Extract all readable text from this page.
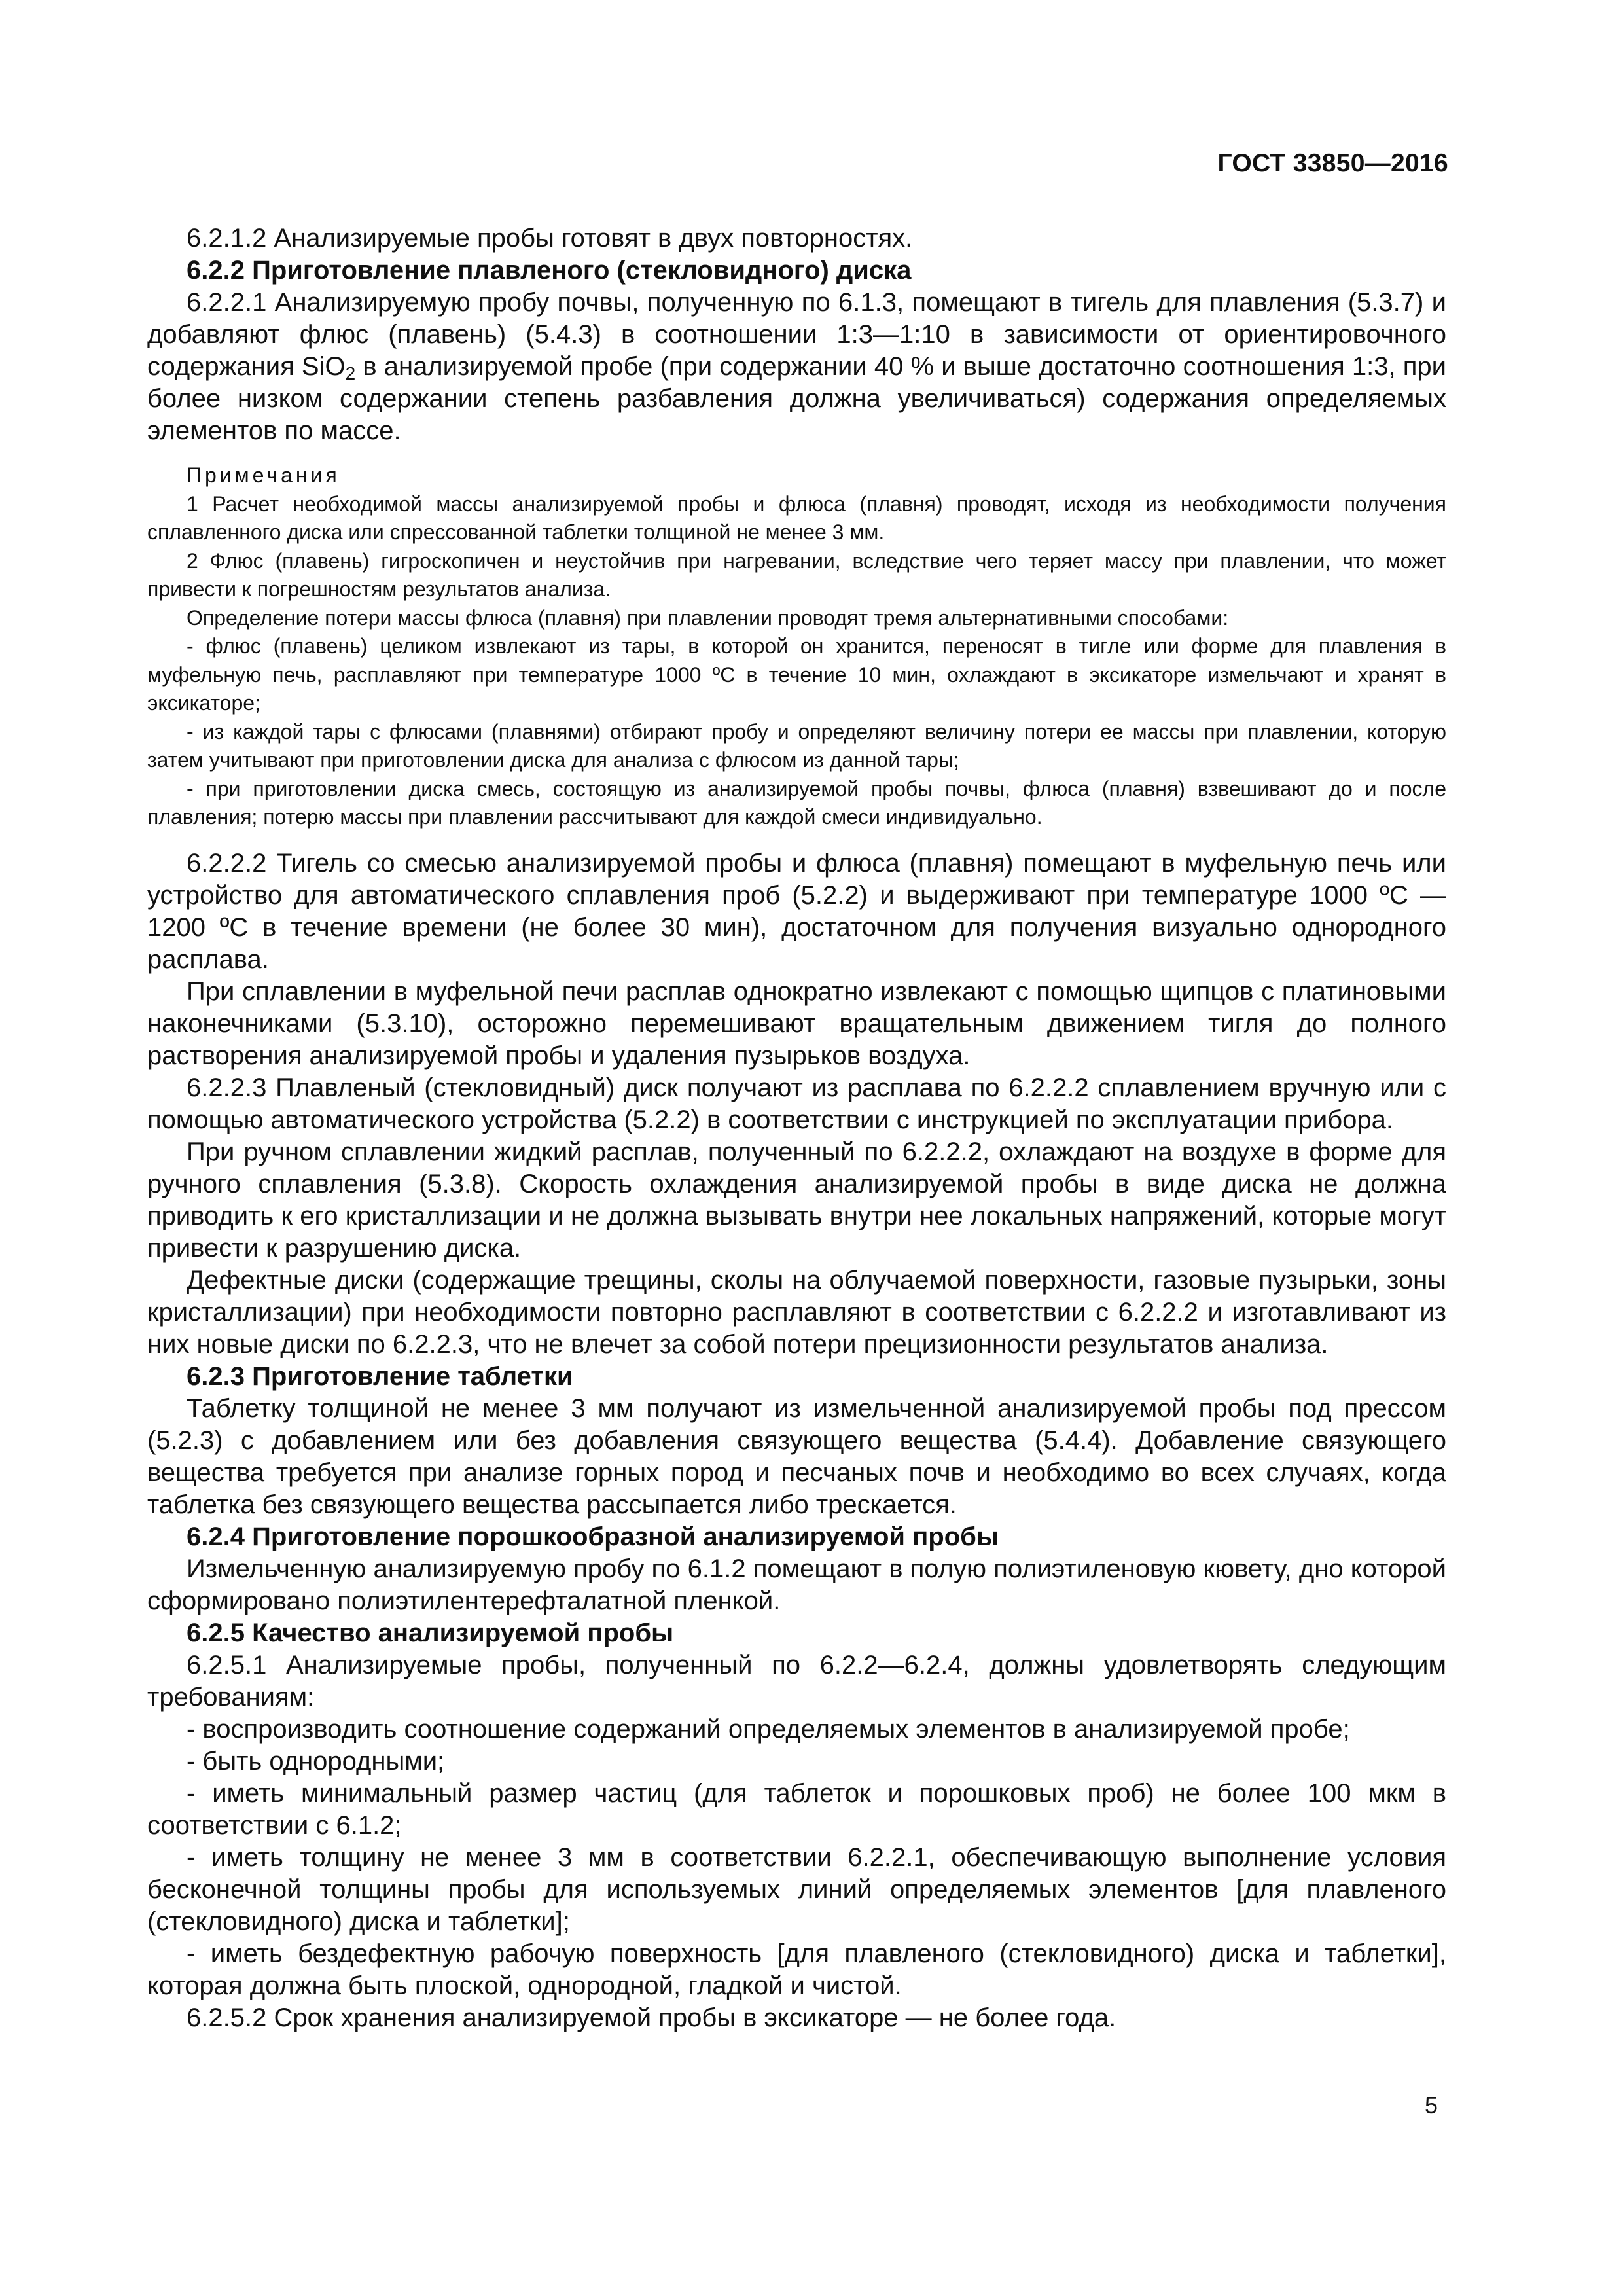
ГОСТ 33850—2016

6.2.1.2 Анализируемые пробы готовят в двух повторностях.

6.2.2 Приготовление плавленого (стекловидного) диска

6.2.2.1 Анализируемую пробу почвы, полученную по 6.1.3, помещают в тигель для плавления (5.3.7) и добавляют флюс (плавень) (5.4.3) в соотношении 1:3—1:10 в зависимости от ориентировочного содержания SiO$_2$ в анализируемой пробе (при содержании 40 % и выше достаточно соотношения 1:3, при более низком содержании степень разбавления должна увеличиваться) содержания определяемых элементов по массе.

Примечания

1 Расчет необходимой массы анализируемой пробы и флюса (плавня) проводят, исходя из необходимости получения сплавленного диска или спрессованной таблетки толщиной не менее 3 мм.

2 Флюс (плавень) гигроскопичен и неустойчив при нагревании, вследствие чего теряет массу при плавлении, что может привести к погрешностям результатов анализа.

Определение потери массы флюса (плавня) при плавлении проводят тремя альтернативными способами:

- флюс (плавень) целиком извлекают из тары, в которой он хранится, переносят в тигле или форме для плавления в муфельную печь, расплавляют при температуре 1000 ºС в течение 10 мин, охлаждают в эксикаторе измельчают и хранят в эксикаторе;

- из каждой тары с флюсами (плавнями) отбирают пробу и определяют величину потери ее массы при плавлении, которую затем учитывают при приготовлении диска для анализа с флюсом из данной тары;

- при приготовлении диска смесь, состоящую из анализируемой пробы почвы, флюса (плавня) взвешивают до и после плавления; потерю массы при плавлении рассчитывают для каждой смеси индивидуально.

6.2.2.2 Тигель со смесью анализируемой пробы и флюса (плавня) помещают в муфельную печь или устройство для автоматического сплавления проб (5.2.2) и выдерживают при температуре 1000 ºС — 1200 ºС в течение времени (не более 30 мин), достаточном для получения визуально однородного расплава.

При сплавлении в муфельной печи расплав однократно извлекают с помощью щипцов с платиновыми наконечниками (5.3.10), осторожно перемешивают вращательным движением тигля до полного растворения анализируемой пробы и удаления пузырьков воздуха.

6.2.2.3 Плавленый (стекловидный) диск получают из расплава по 6.2.2.2 сплавлением вручную или с помощью автоматического устройства (5.2.2) в соответствии с инструкцией по эксплуатации прибора.

При ручном сплавлении жидкий расплав, полученный по 6.2.2.2, охлаждают на воздухе в форме для ручного сплавления (5.3.8). Скорость охлаждения анализируемой пробы в виде диска не должна приводить к его кристаллизации и не должна вызывать внутри нее локальных напряжений, которые могут привести к разрушению диска.

Дефектные диски (содержащие трещины, сколы на облучаемой поверхности, газовые пузырьки, зоны кристаллизации) при необходимости повторно расплавляют в соответствии с 6.2.2.2 и изготавливают из них новые диски по 6.2.2.3, что не влечет за собой потери прецизионности результатов анализа.

6.2.3 Приготовление таблетки

Таблетку толщиной не менее 3 мм получают из измельченной анализируемой пробы под прессом (5.2.3) с добавлением или без добавления связующего вещества (5.4.4). Добавление связующего вещества требуется при анализе горных пород и песчаных почв и необходимо во всех случаях, когда таблетка без связующего вещества рассыпается либо трескается.

6.2.4 Приготовление порошкообразной анализируемой пробы

Измельченную анализируемую пробу по 6.1.2 помещают в полую полиэтиленовую кювету, дно которой сформировано полиэтилентерефталатной пленкой.

6.2.5 Качество анализируемой пробы

6.2.5.1 Анализируемые пробы, полученный по 6.2.2—6.2.4, должны удовлетворять следующим требованиям:

- воспроизводить соотношение содержаний определяемых элементов в анализируемой пробе;

- быть однородными;

- иметь минимальный размер частиц (для таблеток и порошковых проб) не более 100 мкм в соответствии с 6.1.2;

- иметь толщину не менее 3 мм в соответствии 6.2.2.1, обеспечивающую выполнение условия бесконечной толщины пробы для используемых линий определяемых элементов [для плавленого (стекловидного) диска и таблетки];

- иметь бездефектную рабочую поверхность [для плавленого (стекловидного) диска и таблетки], которая должна быть плоской, однородной, гладкой и чистой.

6.2.5.2 Срок хранения анализируемой пробы в эксикаторе — не более года.

5
